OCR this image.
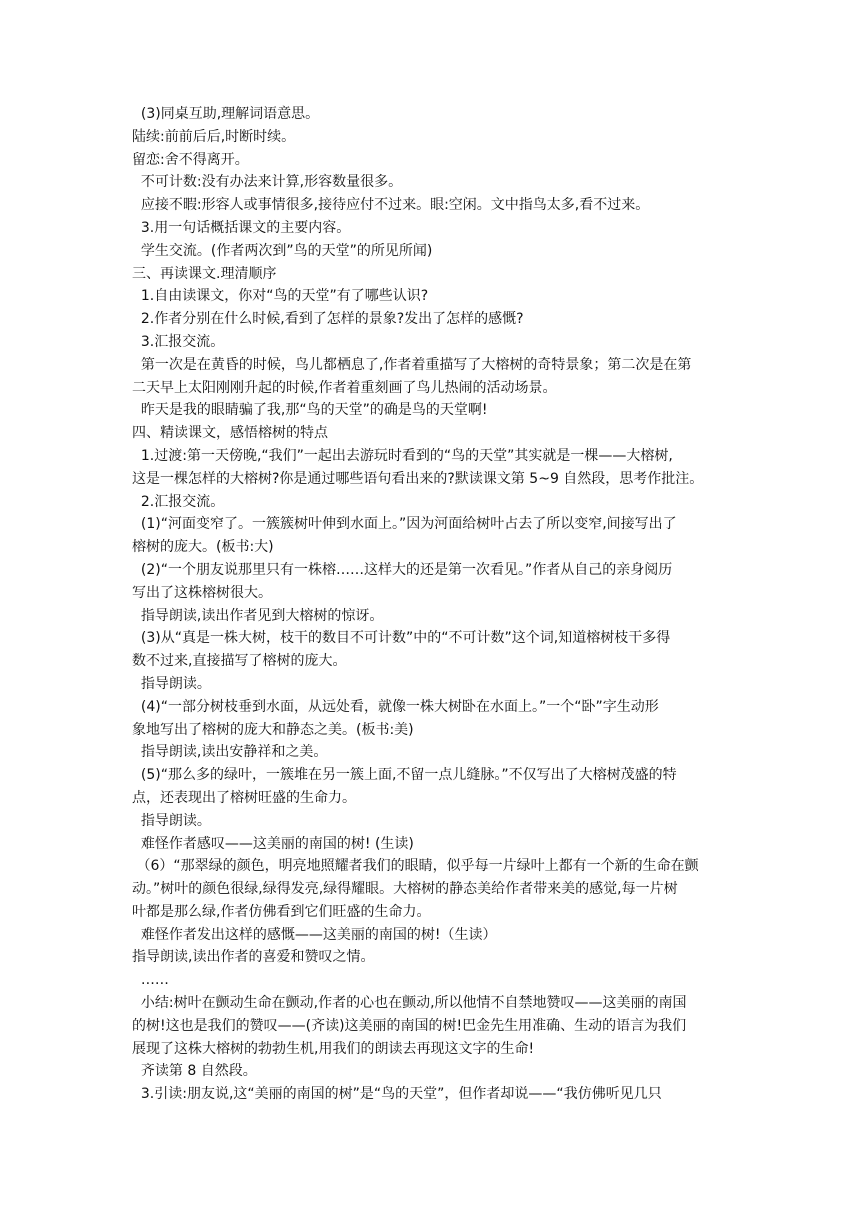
(3)同桌互助,理解词语意思。
陆续:前前后后,时断时续。
留恋:舍不得离开。
不可计数:没有办法来计算,形容数量很多。
应接不暇:形容人或事情很多,接待应付不过来。眼:空闲。文中指鸟太多,看不过来。
3.用一句话概括课文的主要内容。
学生交流。(作者两次到”鸟的天堂”的所见所闻)
三、再读课文.理清顺序
1.自由读课文，你对“鸟的天堂”有了哪些认识?
2.作者分别在什么时候,看到了怎样的景象?发出了怎样的感慨?
3.汇报交流。
第一次是在黄昏的时候，鸟儿都栖息了,作者着重描写了大榕树的奇特景象；第二次是在第
二天早上太阳刚刚升起的时候,作者着重刻画了鸟儿热闹的活动场景。
昨天是我的眼睛骗了我,那“鸟的天堂”的确是鸟的天堂啊!
四、精读课文，感悟榕树的特点
1.过渡:第一天傍晚,“我们”一起出去游玩时看到的“鸟的天堂”其实就是一棵——大榕树,
这是一棵怎样的大榕树?你是通过哪些语句看出来的?默读课文第 5~9 自然段，思考作批注。
2.汇报交流。
(1)“河面变窄了。一簇簇树叶伸到水面上。”因为河面给树叶占去了所以变窄,间接写出了
榕树的庞大。(板书:大)
(2)“一个朋友说那里只有一株榕……这样大的还是第一次看见。”作者从自己的亲身阅历
写出了这株榕树很大。
指导朗读,读出作者见到大榕树的惊讶。
(3)从“真是一株大树，枝干的数目不可计数”中的“不可计数”这个词,知道榕树枝干多得
数不过来,直接描写了榕树的庞大。
指导朗读。
(4)“一部分树枝垂到水面，从远处看，就像一株大树卧在水面上。”一个“卧”字生动形
象地写出了榕树的庞大和静态之美。(板书:美)
指导朗读,读出安静祥和之美。
(5)“那么多的绿叶，一簇堆在另一簇上面,不留一点儿缝脉。”不仅写出了大榕树茂盛的特
点，还表现出了榕树旺盛的生命力。
指导朗读。
难怪作者感叹——这美丽的南国的树! (生读)
（6）“那翠绿的颜色，明亮地照耀者我们的眼睛，似乎每一片绿叶上都有一个新的生命在颤
动。”树叶的颜色很绿,绿得发亮,绿得耀眼。大榕树的静态美给作者带来美的感觉,每一片树
叶都是那么绿,作者仿佛看到它们旺盛的生命力。
难怪作者发出这样的感慨——这美丽的南国的树!（生读）
指导朗读,读出作者的喜爱和赞叹之情。
……
小结:树叶在颤动生命在颤动,作者的心也在颤动,所以他情不自禁地赞叹——这美丽的南国
的树!这也是我们的赞叹——(齐读)这美丽的南国的树!巴金先生用准确、生动的语言为我们
展现了这株大榕树的勃勃生机,用我们的朗读去再现这文字的生命!
齐读第 8 自然段。
3.引读:朋友说,这“美丽的南国的树”是“鸟的天堂”，但作者却说——“我仿佛听见几只
